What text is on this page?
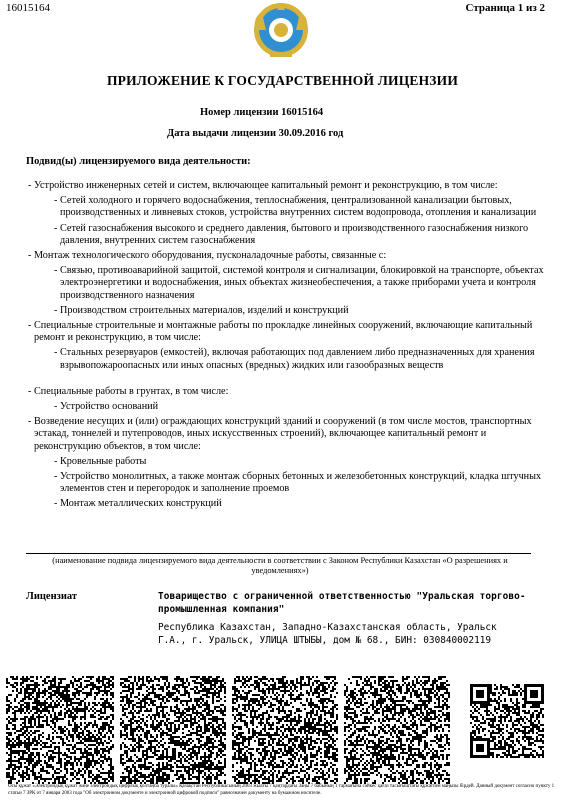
16015164	Страница 1 из 2
ПРИЛОЖЕНИЕ К ГОСУДАРСТВЕННОЙ ЛИЦЕНЗИИ
Номер лицензии 16015164
Дата выдачи лицензии 30.09.2016 год
Подвид(ы) лицензируемого вида деятельности:
- Устройство инженерных сетей и систем, включающее капитальный ремонт и реконструкцию, в том числе:
- Сетей холодного и горячего водоснабжения, теплоснабжения, централизованной канализации бытовых, производственных и ливневых стоков, устройства внутренних систем водопровода, отопления и канализации
- Сетей газоснабжения высокого и среднего давления, бытового и производственного газоснабжения низкого давления, внутренних систем газоснабжения
- Монтаж технологического оборудования, пусконаладочные работы, связанные с:
- Связью, противоаварийной защитой, системой контроля и сигнализации, блокировкой на транспорте, объектах электроэнергетики и водоснабжения, иных объектах жизнеобеспечения, а также приборами учета и контроля производственного назначения
- Производством строительных материалов, изделий и конструкций
- Специальные строительные и монтажные работы по прокладке линейных сооружений, включающие капитальный ремонт и реконструкцию, в том числе:
- Стальных резервуаров (емкостей), включая работающих под давлением либо предназначенных для хранения взрывопожароопасных или иных опасных (вредных) жидких или газообразных веществ
- Специальные работы в грунтах, в том числе:
- Устройство оснований
- Возведение несущих и (или) ограждающих конструкций зданий и сооружений (в том числе мостов, транспортных эстакад, тоннелей и путепроводов, иных искусственных строений), включающее капитальный ремонт и реконструкцию объектов, в том числе:
- Кровельные работы
- Устройство монолитных, а также монтаж сборных бетонных и железобетонных конструкций, кладка штучных элементов стен и перегородок и заполнение проемов
- Монтаж металлических конструкций
(наименование подвида лицензируемого вида деятельности в соответствии с Законом Республики Казахстан «О разрешениях и уведомлениях»)
Лицензиат	Товарищество с ограниченной ответственностью "Уральская торгово-промышленная компания"
Республика Казахстан, Западно-Казахстанская область, Уральск Г.А., г. Уральск, УЛИЦА ШТЫБЫ, дом № 68., БИН: 030840002119
Осы құжат «Электрондық құжат және электрондық цифрлық қолтаңба туралы» Қазақстан Республикасының 2003 жылғы 7 қаңтардағы Заңы 7 бабының 1 тармағына сәйкес қағаз тасығыштағы құжатпен маңызы бірдей. Данный документ согласно пункту 1 статьи 7 ЗРК от 7 января 2003 года "Об электронном документе и электронной цифровой подписи" равнозначен документу на бумажном носителе.
